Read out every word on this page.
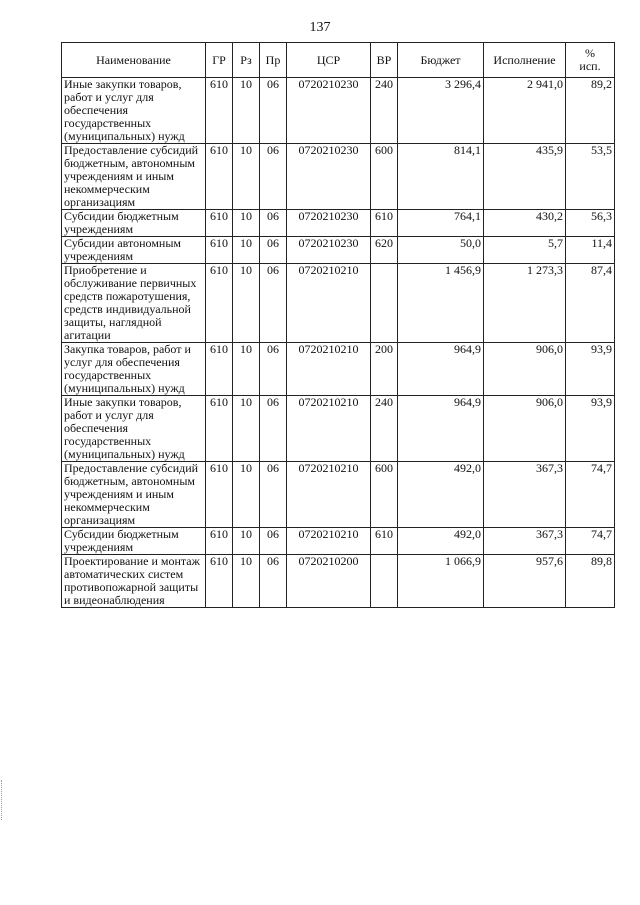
137
Наименование	ГР	Рз	Пр	ЦСР	ВР	Бюджет	Исполнение	%
исп.

Иные закупки товаров, работ и услуг для обеспечения государственных (муниципальных) нужд	610	10	06	0720210230	240	3 296,4	2 941,0	89,2
Предоставление субсидий бюджетным, автономным учреждениям и иным некоммерческим организациям	610	10	06	0720210230	600	814,1	435,9	53,5
Субсидии бюджетным учреждениям	610	10	06	0720210230	610	764,1	430,2	56,3
Субсидии автономным учреждениям	610	10	06	0720210230	620	50,0	5,7	11,4
Приобретение и обслуживание первичных средств пожаротушения, средств индивидуальной защиты, наглядной агитации	610	10	06	0720210210		1 456,9	1 273,3	87,4
Закупка товаров, работ и услуг для обеспечения государственных (муниципальных) нужд	610	10	06	0720210210	200	964,9	906,0	93,9
Иные закупки товаров, работ и услуг для обеспечения государственных (муниципальных) нужд	610	10	06	0720210210	240	964,9	906,0	93,9
Предоставление субсидий бюджетным, автономным учреждениям и иным некоммерческим организациям	610	10	06	0720210210	600	492,0	367,3	74,7
Субсидии бюджетным учреждениям	610	10	06	0720210210	610	492,0	367,3	74,7
Проектирование и монтаж автоматических систем противопожарной защиты и видеонаблюдения	610	10	06	0720210200		1 066,9	957,6	89,8
